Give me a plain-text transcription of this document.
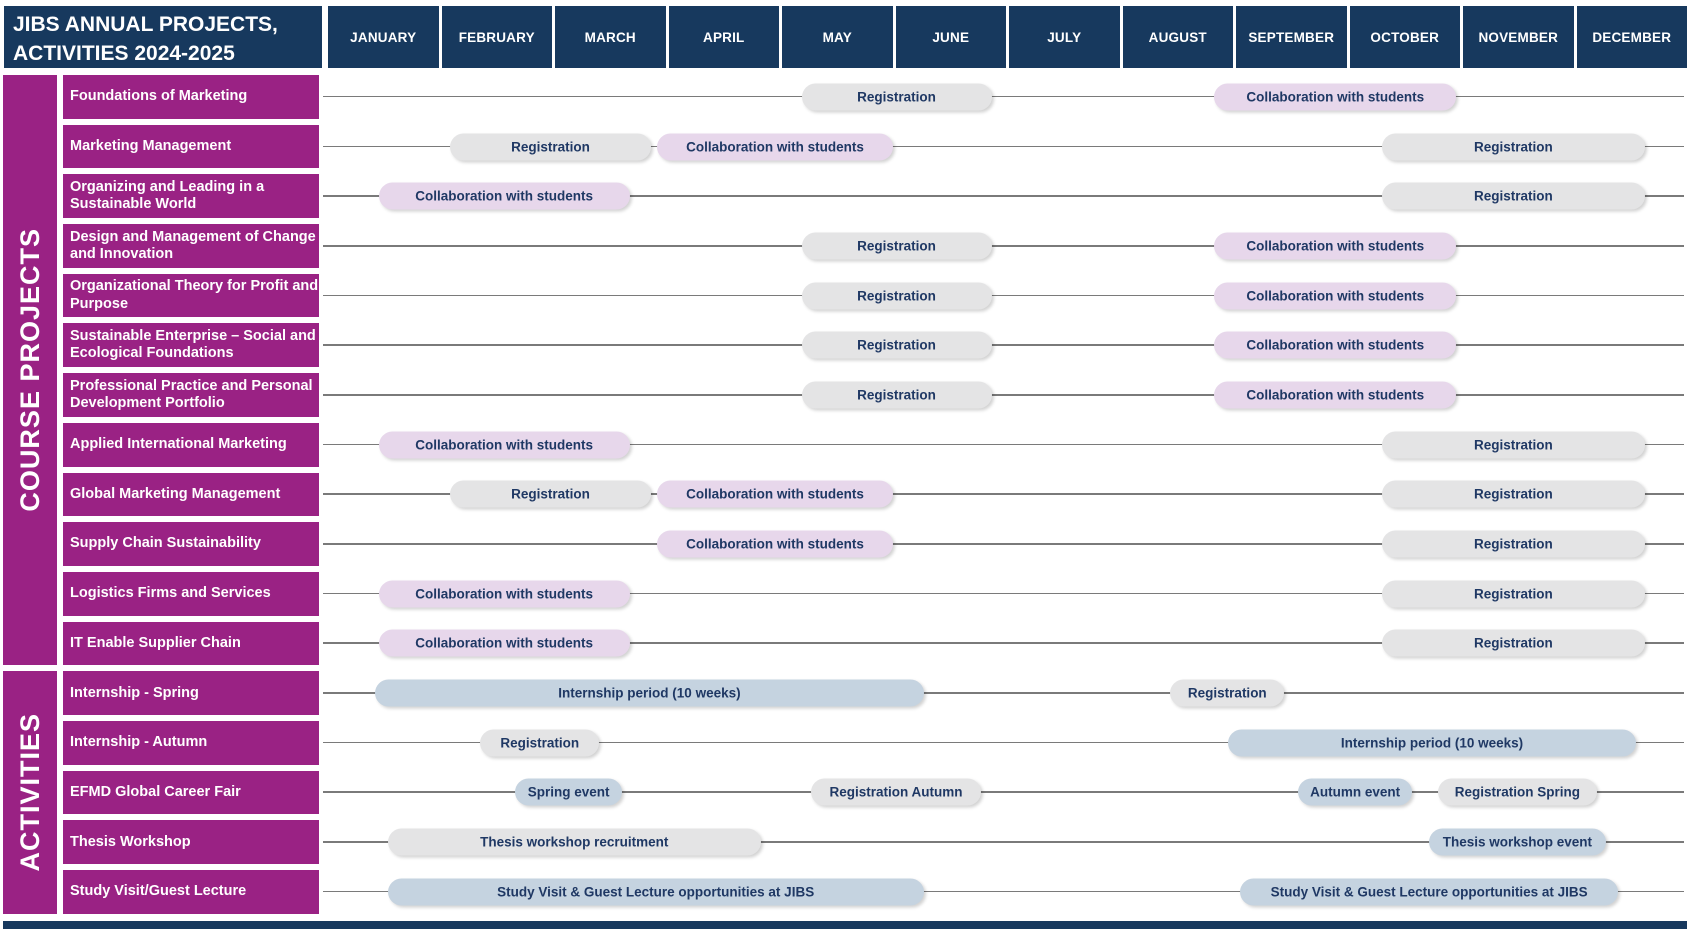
JIBS ANNUAL PROJECTS, ACTIVITIES 2024-2025
JANUARY	FEBRUARY	MARCH	APRIL	MAY	JUNE	JULY	AUGUST	SEPTEMBER	OCTOBER	NOVEMBER	DECEMBER
COURSE PROJECTS
Foundations of Marketing	Registration	Collaboration with students
Marketing Management	Registration	Collaboration with students	Registration
Organizing and Leading in a Sustainable World	Collaboration with students	Registration
Design and Management of Change and Innovation	Registration	Collaboration with students
Organizational Theory for Profit and Purpose	Registration	Collaboration with students
Sustainable Enterprise – Social and Ecological Foundations	Registration	Collaboration with students
Professional Practice and Personal Development Portfolio	Registration	Collaboration with students
Applied International Marketing	Collaboration with students	Registration
Global Marketing Management	Registration	Collaboration with students	Registration
Supply Chain Sustainability	Collaboration with students	Registration
Logistics Firms and Services	Collaboration with students	Registration
IT Enable Supplier Chain	Collaboration with students	Registration
ACTIVITIES
Internship - Spring	Internship period (10 weeks)	Registration
Internship - Autumn	Registration	Internship period (10 weeks)
EFMD Global Career Fair	Spring event	Registration Autumn	Autumn event	Registration Spring
Thesis Workshop	Thesis workshop recruitment	Thesis workshop event
Study Visit/Guest Lecture	Study Visit & Guest Lecture opportunities at JIBS	Study Visit & Guest Lecture opportunities at JIBS
